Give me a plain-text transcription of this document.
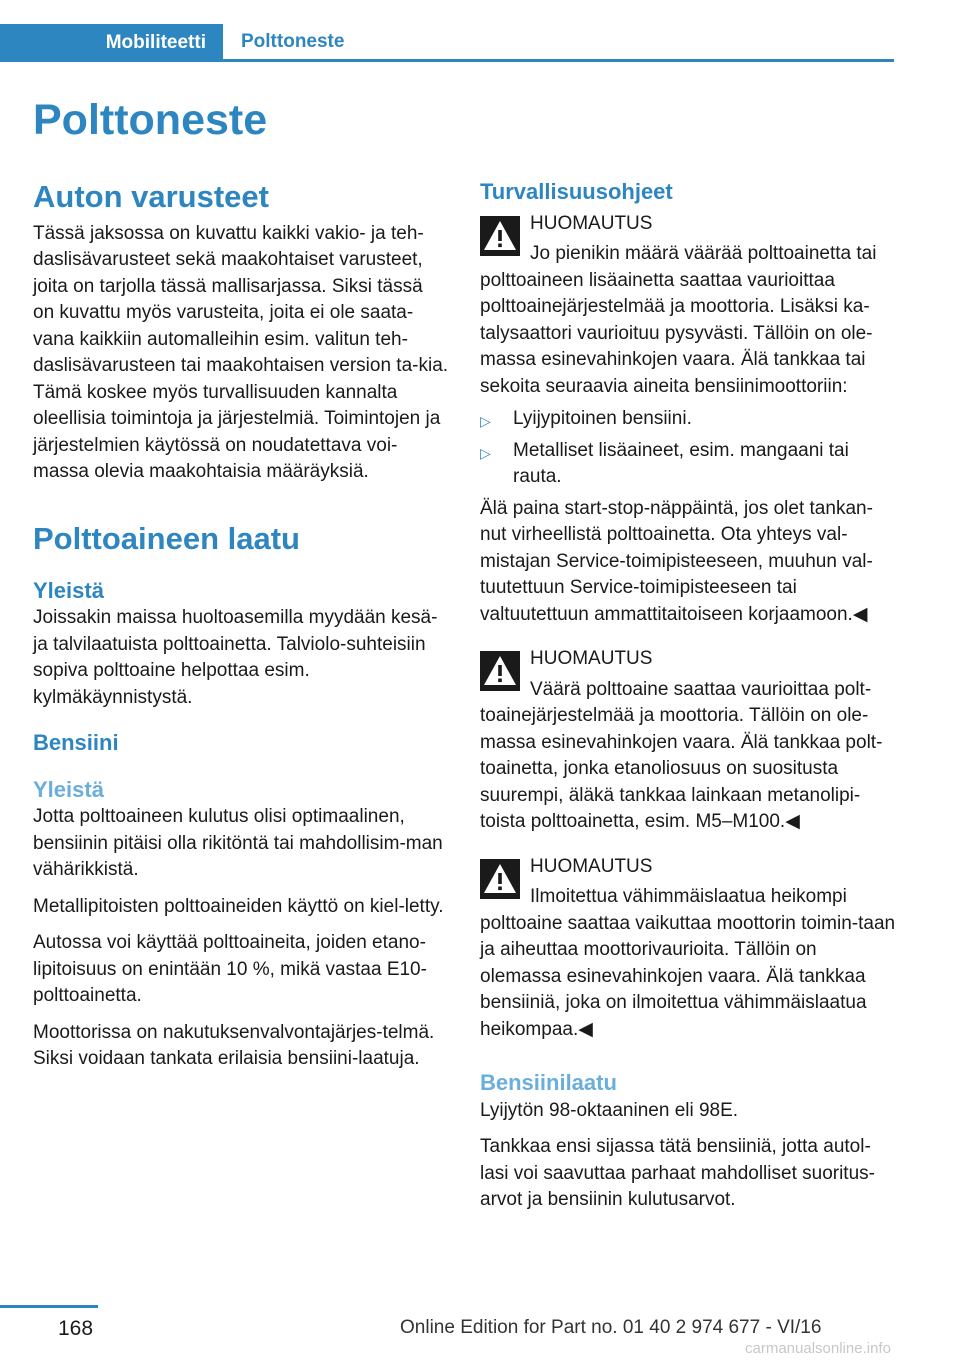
Mobiliteetti	Polttoneste
Polttoneste
Auton varusteet

Tässä jaksossa on kuvattu kaikki vakio- ja teh-daslisävarusteet sekä maakohtaiset varusteet, joita on tarjolla tässä mallisarjassa. Siksi tässä on kuvattu myös varusteita, joita ei ole saata-vana kaikkiin automalleihin esim. valitun teh-daslisävarusteen tai maakohtaisen version ta-kia. Tämä koskee myös turvallisuuden kannalta oleellisia toimintoja ja järjestelmiä. Toimintojen ja järjestelmien käytössä on noudatettava voi-massa olevia maakohtaisia määräyksiä.

Polttoaineen laatu
Yleistä

Joissakin maissa huoltoasemilla myydään kesä- ja talvilaatuista polttoainetta. Talviolo-suhteisiin sopiva polttoaine helpottaa esim. kylmäkäynnistystä.

Bensiini
Yleistä

Jotta polttoaineen kulutus olisi optimaalinen, bensiinin pitäisi olla rikitöntä tai mahdollisim-man vähärikkistä.

Metallipitoisten polttoaineiden käyttö on kiel-letty.

Autossa voi käyttää polttoaineita, joiden etano-lipitoisuus on enintään 10 %, mikä vastaa E10-polttoainetta.

Moottorissa on nakutuksenvalvontajärjes-telmä. Siksi voidaan tankata erilaisia bensiini-laatuja.

Turvallisuusohjeet

HUOMAUTUS

Jo pienikin määrä väärää polttoainetta tai polttoaineen lisäainetta saattaa vaurioittaa polttoainejärjestelmää ja moottoria. Lisäksi ka-talysaattori vaurioituu pysyvästi. Tällöin on ole-massa esinevahinkojen vaara. Älä tankkaa tai sekoita seuraavia aineita bensiinimoottoriin:

▷ Lyijypitoinen bensiini.
▷ Metalliset lisäaineet, esim. mangaani tai rauta.

Älä paina start-stop-näppäintä, jos olet tankan-nut virheellistä polttoainetta. Ota yhteys val-mistajan Service-toimipisteeseen, muuhun val-tuutettuun Service-toimipisteeseen tai valtuutettuun ammattitaitoiseen korjaamoon.◀

HUOMAUTUS

Väärä polttoaine saattaa vaurioittaa polt-toainejärjestelmää ja moottoria. Tällöin on ole-massa esinevahinkojen vaara. Älä tankkaa polt-toainetta, jonka etanoliosuus on suositusta suurempi, äläkä tankkaa lainkaan metanolipi-toista polttoainetta, esim. M5–M100.◀

HUOMAUTUS

Ilmoitettua vähimmäislaatua heikompi polttoaine saattaa vaikuttaa moottorin toimin-taan ja aiheuttaa moottorivaurioita. Tällöin on olemassa esinevahinkojen vaara. Älä tankkaa bensiiniä, joka on ilmoitettua vähimmäislaatua heikompaa.◀

Bensiinilaatu

Lyijytön 98-oktaaninen eli 98E.

Tankkaa ensi sijassa tätä bensiiniä, jotta autol-lasi voi saavuttaa parhaat mahdolliset suoritus-arvot ja bensiinin kulutusarvot.

168	Online Edition for Part no. 01 40 2 974 677 - VI/16
carmanualsonline.info
